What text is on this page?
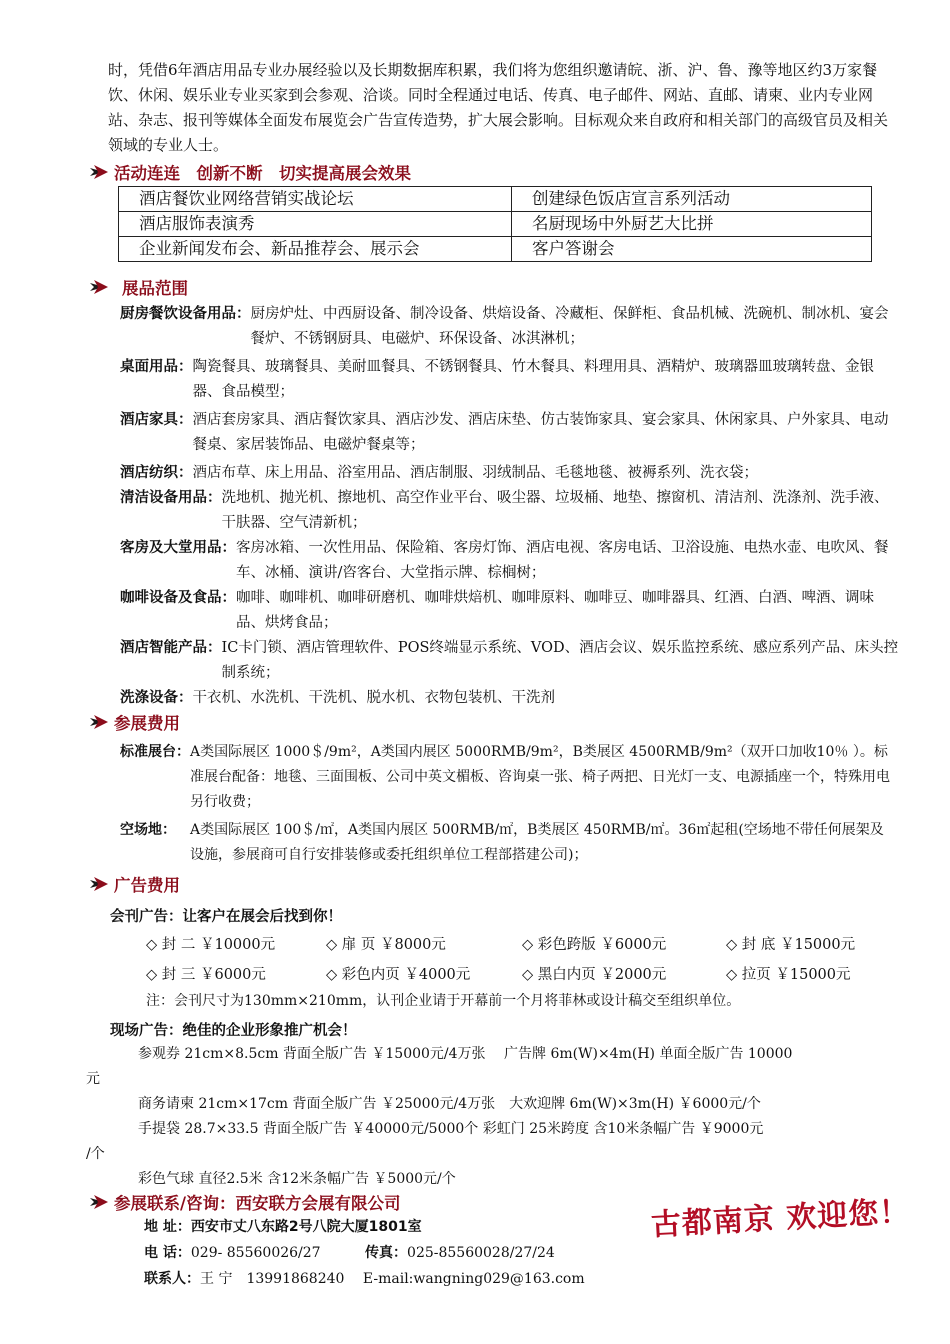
时，凭借6年酒店用品专业办展经验以及长期数据库积累，我们将为您组织邀请皖、浙、沪、鲁、豫等地区约3万家餐饮、休闲、娱乐业专业买家到会参观、洽谈。同时全程通过电话、传真、电子邮件、网站、直邮、请柬、业内专业网站、杂志、报刊等媒体全面发布展览会广告宣传造势，扩大展会影响。目标观众来自政府和相关部门的高级官员及相关领域的专业人士。

活动连连　创新不断　切实提高展会效果
酒店餐饮业网络营销实战论坛	创建绿色饭店宣言系列活动
酒店服饰表演秀	名厨现场中外厨艺大比拼
企业新闻发布会、新品推荐会、展示会	客户答谢会
展品范围
厨房餐饮设备用品： 厨房炉灶、中西厨设备、制冷设备、烘焙设备、冷藏柜、保鲜柜、食品机械、洗碗机、制冰机、宴会餐炉、不锈钢厨具、电磁炉、环保设备、冰淇淋机；
桌面用品： 陶瓷餐具、玻璃餐具、美耐皿餐具、不锈钢餐具、竹木餐具、料理用具、酒精炉、玻璃器皿玻璃转盘、金银器、食品模型；
酒店家具： 酒店套房家具、酒店餐饮家具、酒店沙发、酒店床垫、仿古装饰家具、宴会家具、休闲家具、户外家具、电动餐桌、家居装饰品、电磁炉餐桌等；
酒店纺织： 酒店布草、床上用品、浴室用品、酒店制服、羽绒制品、毛毯地毯、被褥系列、洗衣袋；
清洁设备用品： 洗地机、抛光机、擦地机、高空作业平台、吸尘器、垃圾桶、地垫、擦窗机、清洁剂、洗涤剂、洗手液、干肤器、空气清新机；
客房及大堂用品： 客房冰箱、一次性用品、保险箱、客房灯饰、酒店电视、客房电话、卫浴设施、电热水壶、电吹风、餐车、冰桶、演讲/咨客台、大堂指示牌、棕榈树；
咖啡设备及食品： 咖啡、咖啡机、咖啡研磨机、咖啡烘焙机、咖啡原料、咖啡豆、咖啡器具、红酒、白酒、啤酒、调味品、烘烤食品；
酒店智能产品： IC卡门锁、酒店管理软件、POS终端显示系统、VOD、酒店会议、娱乐监控系统、感应系列产品、床头控制系统；
洗涤设备： 干衣机、水洗机、干洗机、脱水机、衣物包装机、干洗剂
参展费用
标准展台： A类国际展区 1000＄/9m²，A类国内展区 5000RMB/9m²，B类展区 4500RMB/9m²（双开口加收10％ ）。标准展台配备：地毯、三面围板、公司中英文楣板、咨询桌一张、椅子两把、日光灯一支、电源插座一个，特殊用电另行收费；
空场地：	A类国际展区 100＄/㎡，A类国内展区 500RMB/㎡，B类展区 450RMB/㎡。36㎡起租(空场地不带任何展架及设施，参展商可自行安排装修或委托组织单位工程部搭建公司)；
广告费用
会刊广告：让客户在展会后找到你！
◇ 封 二 ￥10000元	◇ 扉 页 ￥8000元	◇ 彩色跨版 ￥6000元	◇ 封 底 ￥15000元
◇ 封 三 ￥6000元	◇ 彩色内页 ￥4000元	◇ 黑白内页 ￥2000元	◇ 拉页 ￥15000元
注：会刊尺寸为130mm×210mm，认刊企业请于开幕前一个月将菲林或设计稿交至组织单位。
现场广告：绝佳的企业形象推广机会！
参观券 21cm×8.5cm 背面全版广告 ￥15000元/4万张　 广告牌 6m(W)×4m(H) 单面全版广告 10000
元
商务请柬 21cm×17cm 背面全版广告 ￥25000元/4万张　大欢迎牌 6m(W)×3m(H) ￥6000元/个
手提袋 28.7×33.5 背面全版广告 ￥40000元/5000个 彩虹门 25米跨度 含10米条幅广告 ￥9000元
/个
彩色气球 直径2.5米 含12米条幅广告 ￥5000元/个
参展联系/咨询：西安联方会展有限公司
地 址：西安市丈八东路2号八院大厦1801室
电 话：029- 85560026/27	传真：025-85560028/27/24
联系人：王 宁　13991868240 E-mail:wangning029@163.com
古都南京 欢迎您！
